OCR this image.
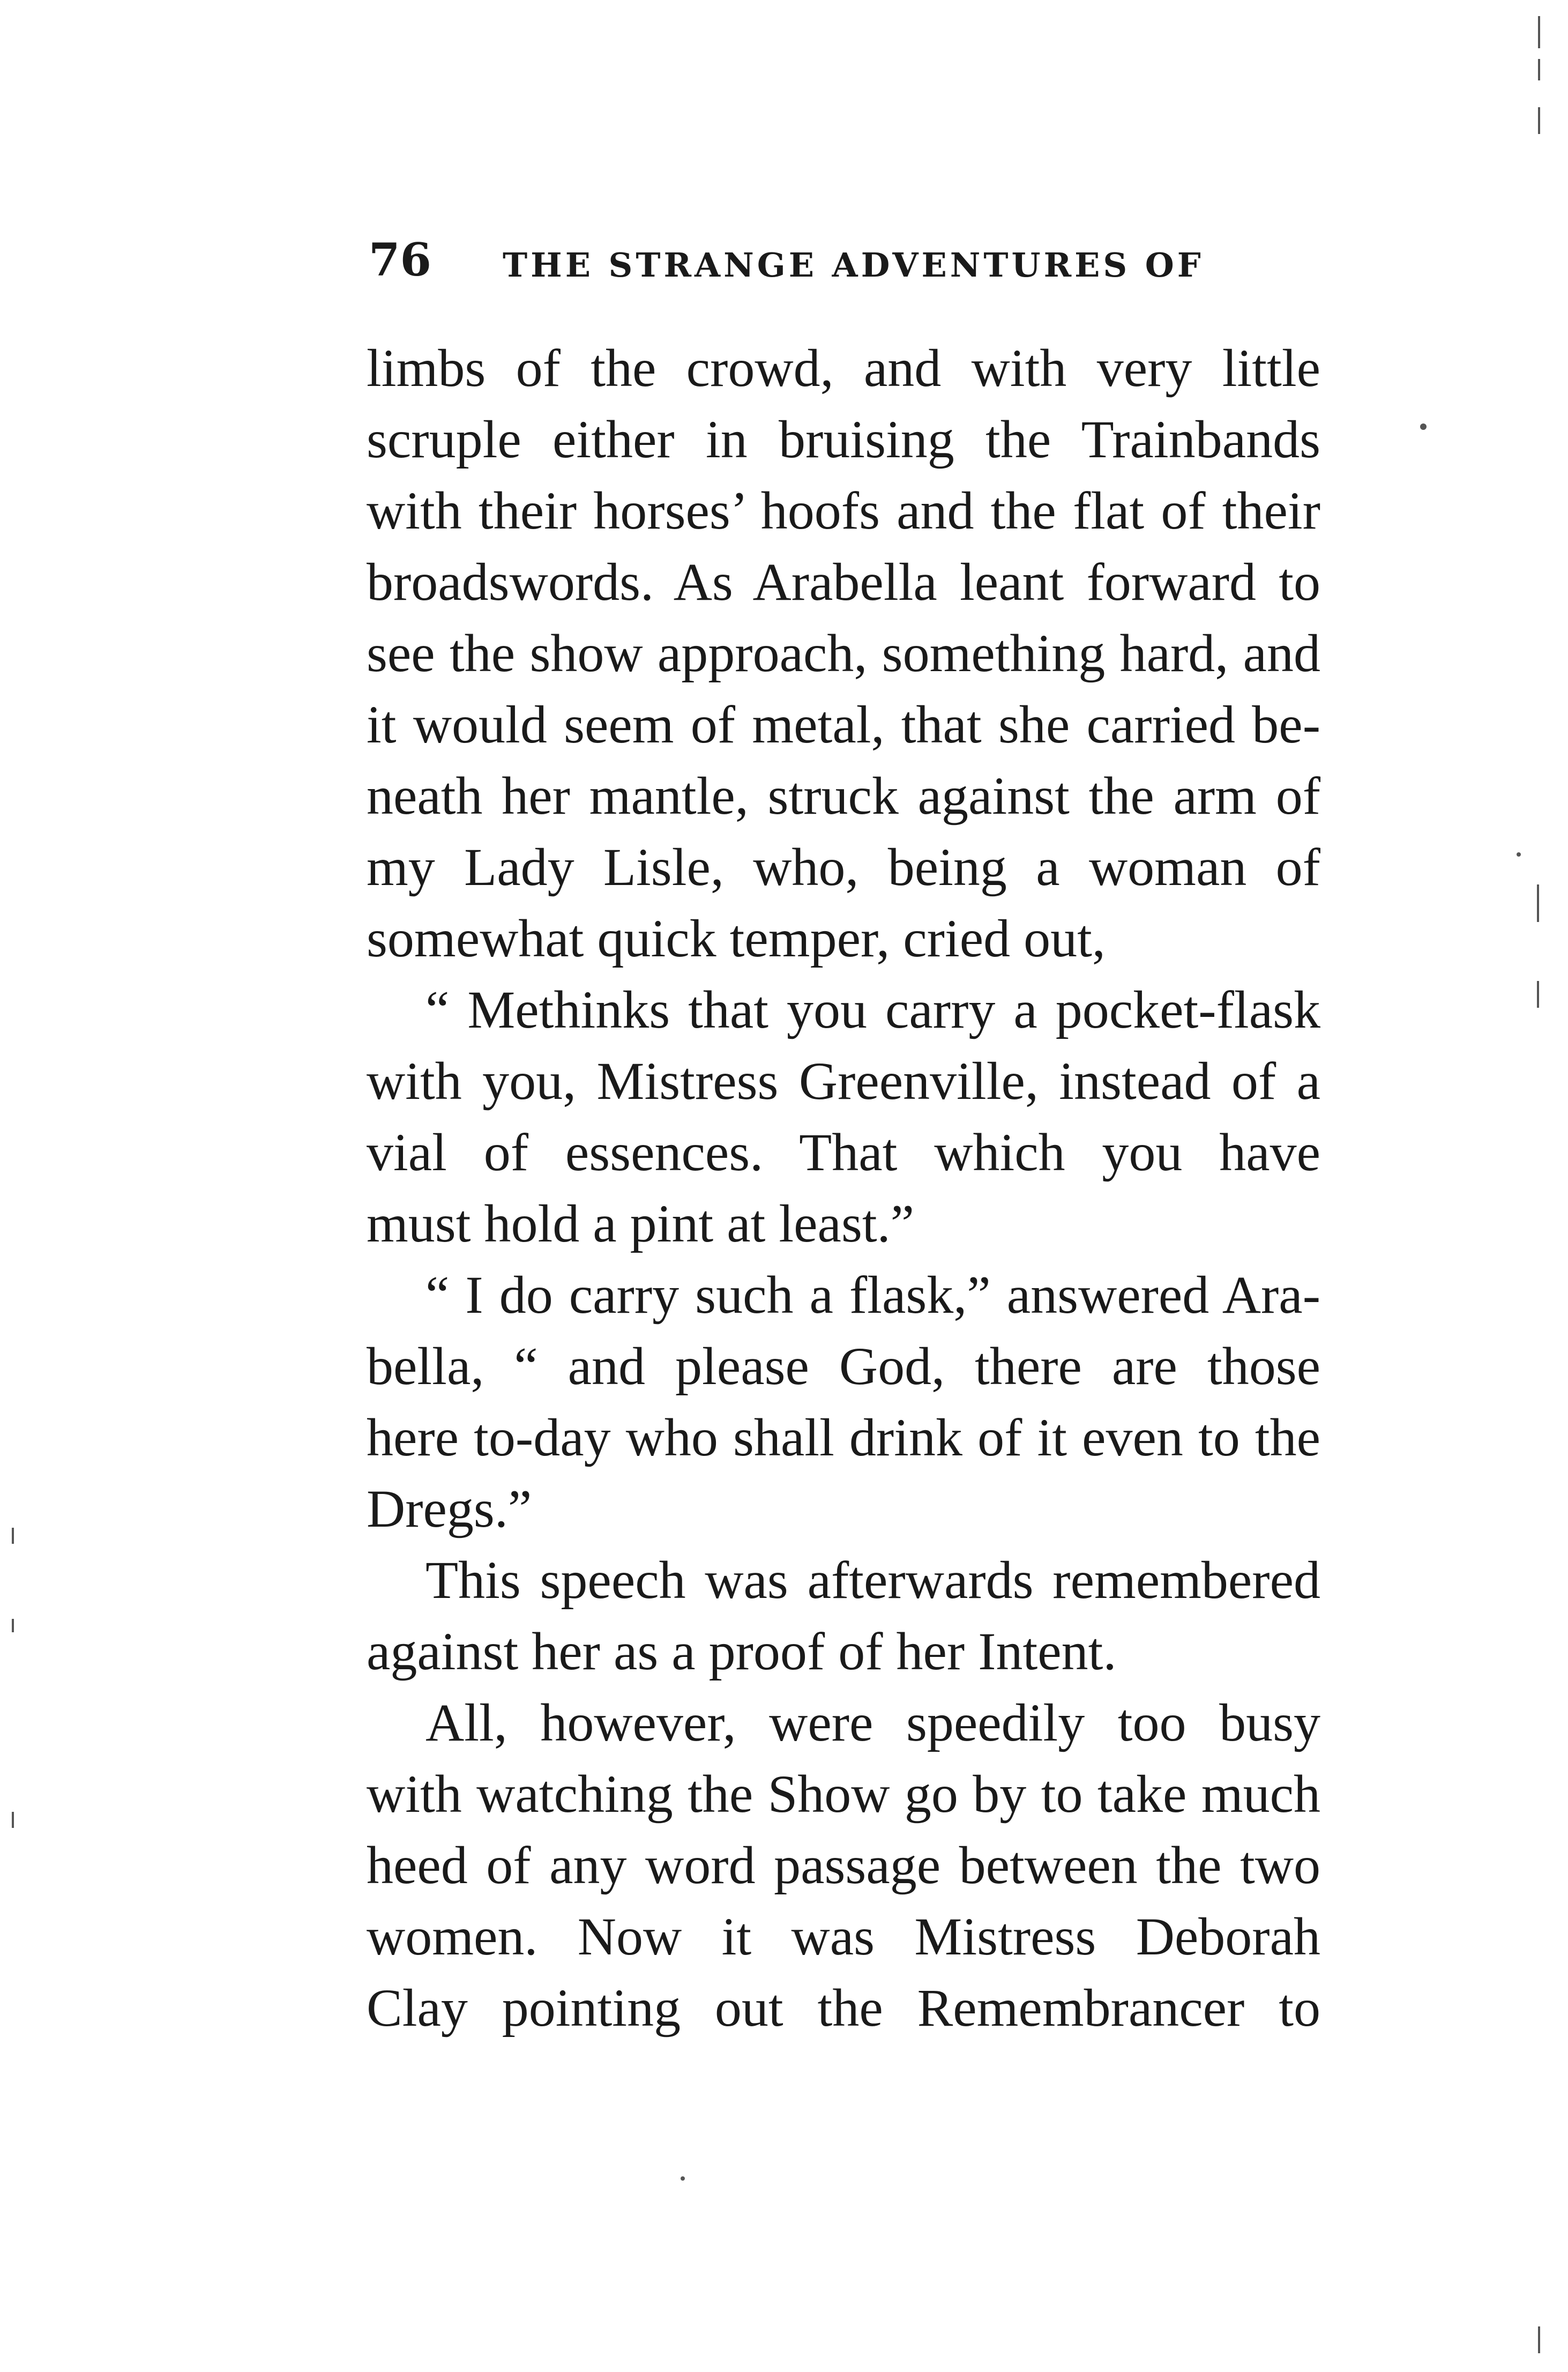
76 THE STRANGE ADVENTURES OF
limbs of the crowd, and with very little
scruple either in bruising the Trainbands
with their horses’ hoofs and the flat of their
broadswords. As Arabella leant forward to
see the show approach, something hard, and
it would seem of metal, that she carried be-
neath her mantle, struck against the arm of
my Lady Lisle, who, being a woman of
somewhat quick temper, cried out,
“ Methinks that you carry a pocket-flask
with you, Mistress Greenville, instead of a
vial of essences. That which you have
must hold a pint at least.”
“ I do carry such a flask,” answered Ara-
bella, “ and please God, there are those
here to-day who shall drink of it even to the
Dregs.”
This speech was afterwards remembered
against her as a proof of her Intent.
All, however, were speedily too busy
with watching the Show go by to take much
heed of any word passage between the two
women. Now it was Mistress Deborah
Clay pointing out the Remembrancer to
